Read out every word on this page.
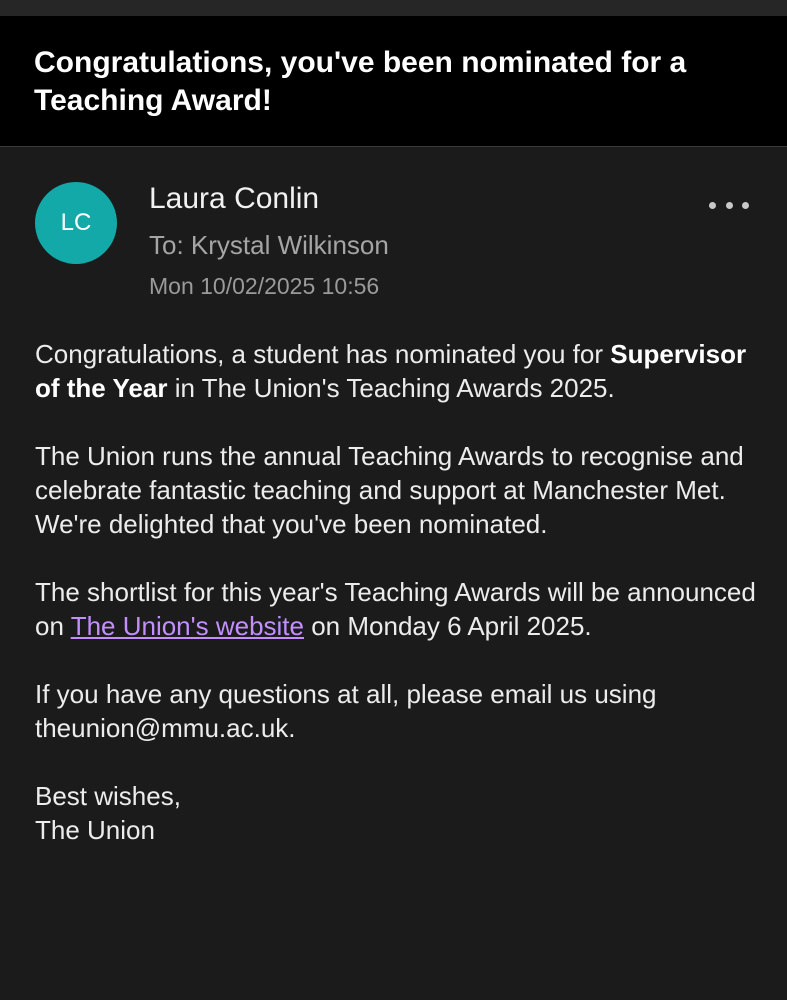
Congratulations, you've been nominated for a Teaching Award!
LC
Laura Conlin
To: Krystal Wilkinson
Mon 10/02/2025 10:56

Congratulations, a student has nominated you for Supervisor of the Year in The Union's Teaching Awards 2025.

The Union runs the annual Teaching Awards to recognise and celebrate fantastic teaching and support at Manchester Met. We're delighted that you've been nominated.

The shortlist for this year's Teaching Awards will be announced on The Union's website on Monday 6 April 2025.

If you have any questions at all, please email us using theunion@mmu.ac.uk.

Best wishes,
The Union
